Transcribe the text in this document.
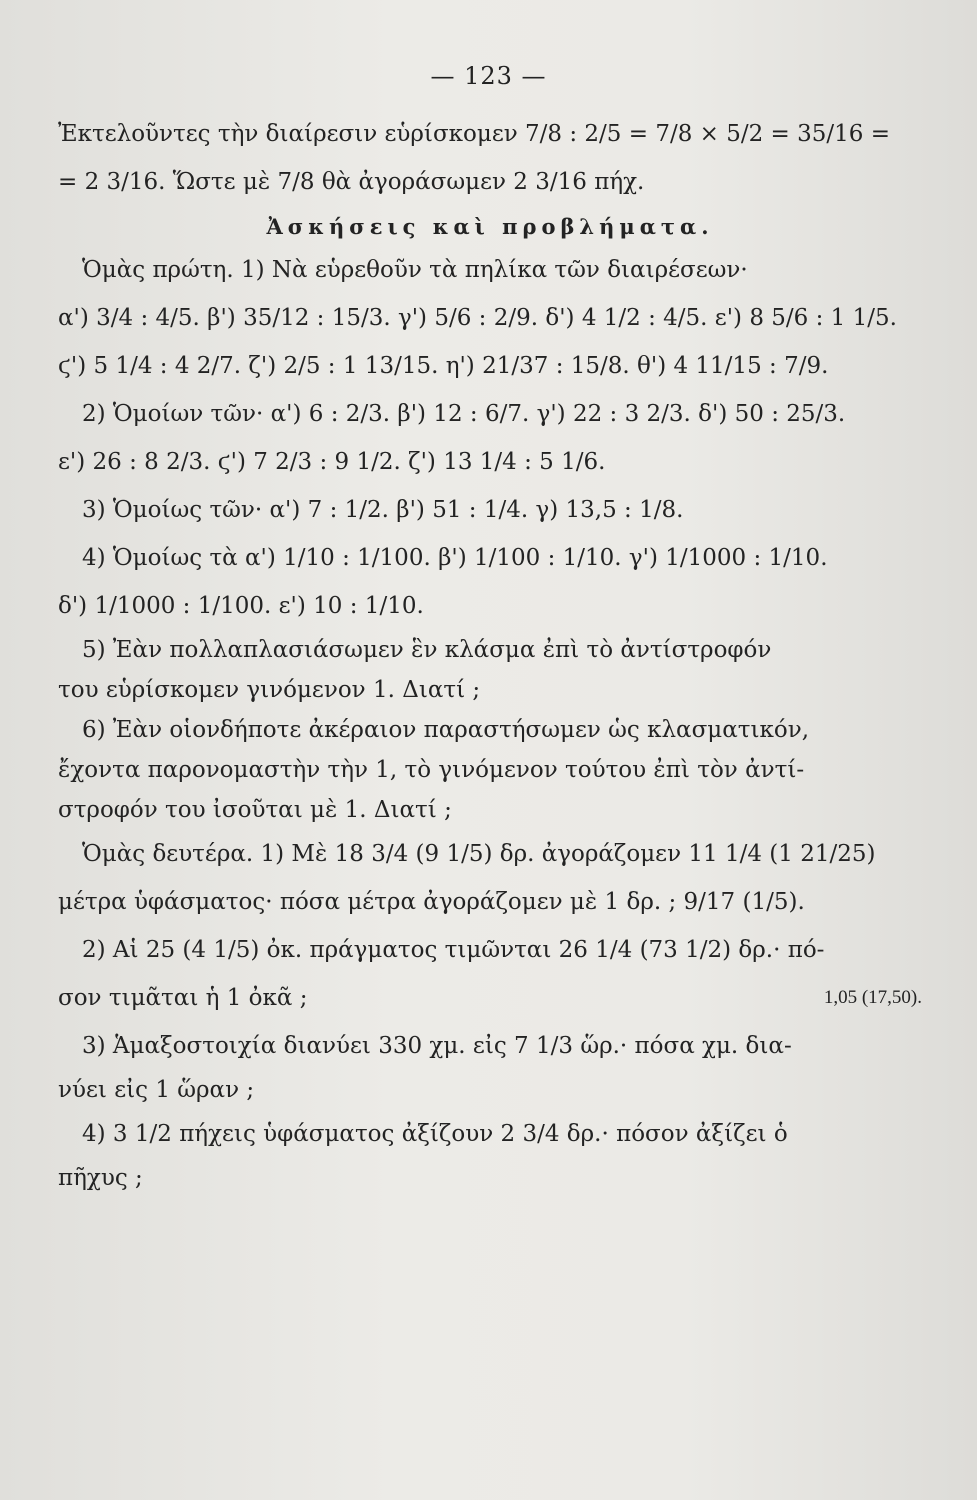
— 123 —
Ἐκτελοῦντες τὴν διαίρεσιν εὑρίσκομεν 7/8 : 2/5 = 7/8 × 5/2 = 35/16 =
= 2 3/16. Ὥστε μὲ 7/8 θὰ ἀγοράσωμεν 2 3/16 πήχ.
Ἀσκήσεις καὶ προβλήματα.
Ὁμὰς πρώτη. 1) Νὰ εὑρεθοῦν τὰ πηλίκα τῶν διαιρέσεων·
α') 3/4 : 4/5. β') 35/12 : 15/3. γ') 5/6 : 2/9. δ') 4 1/2 : 4/5. ε') 8 5/6 : 1 1/5.
ϛ') 5 1/4 : 4 2/7. ζ') 2/5 : 1 13/15. η') 21/37 : 15/8. θ') 4 11/15 : 7/9.
2) Ὁμοίων τῶν· α') 6 : 2/3. β') 12 : 6/7. γ') 22 : 3 2/3. δ') 50 : 25/3.
ε') 26 : 8 2/3. ϛ') 7 2/3 : 9 1/2. ζ') 13 1/4 : 5 1/6.
3) Ὁμοίως τῶν· α') 7 : 1/2. β') 51 : 1/4. γ) 13,5 : 1/8.
4) Ὁμοίως τὰ α') 1/10 : 1/100. β') 1/100 : 1/10. γ') 1/1000 : 1/10.
δ') 1/1000 : 1/100. ε') 10 : 1/10.
5) Ἐὰν πολλαπλασιάσωμεν ἓν κλάσμα ἐπὶ τὸ ἀντίστροφόν
του εὑρίσκομεν γινόμενον 1. Διατί ;
6) Ἐὰν οἱονδήποτε ἀκέραιον παραστήσωμεν ὡς κλασματικόν,
ἔχοντα παρονομαστὴν τὴν 1, τὸ γινόμενον τούτου ἐπὶ τὸν ἀντί-
στροφόν του ἰσοῦται μὲ 1. Διατί ;
Ὁμὰς δευτέρα. 1) Μὲ 18 3/4 (9 1/5) δρ. ἀγοράζομεν 11 1/4 (1 21/25)
μέτρα ὑφάσματος· πόσα μέτρα ἀγοράζομεν μὲ 1 δρ. ; 9/17 (1/5).
2) Αἱ 25 (4 1/5) ὀκ. πράγματος τιμῶνται 26 1/4 (73 1/2) δρ.· πό-
σον τιμᾶται ἡ 1 ὀκᾶ ;	1,05 (17,50).
3) Ἁμαξοστοιχία διανύει 330 χμ. εἰς 7 1/3 ὥρ.· πόσα χμ. δια-
νύει εἰς 1 ὥραν ;
4) 3 1/2 πήχεις ὑφάσματος ἀξίζουν 2 3/4 δρ.· πόσον ἀξίζει ὁ
πῆχυς ;
